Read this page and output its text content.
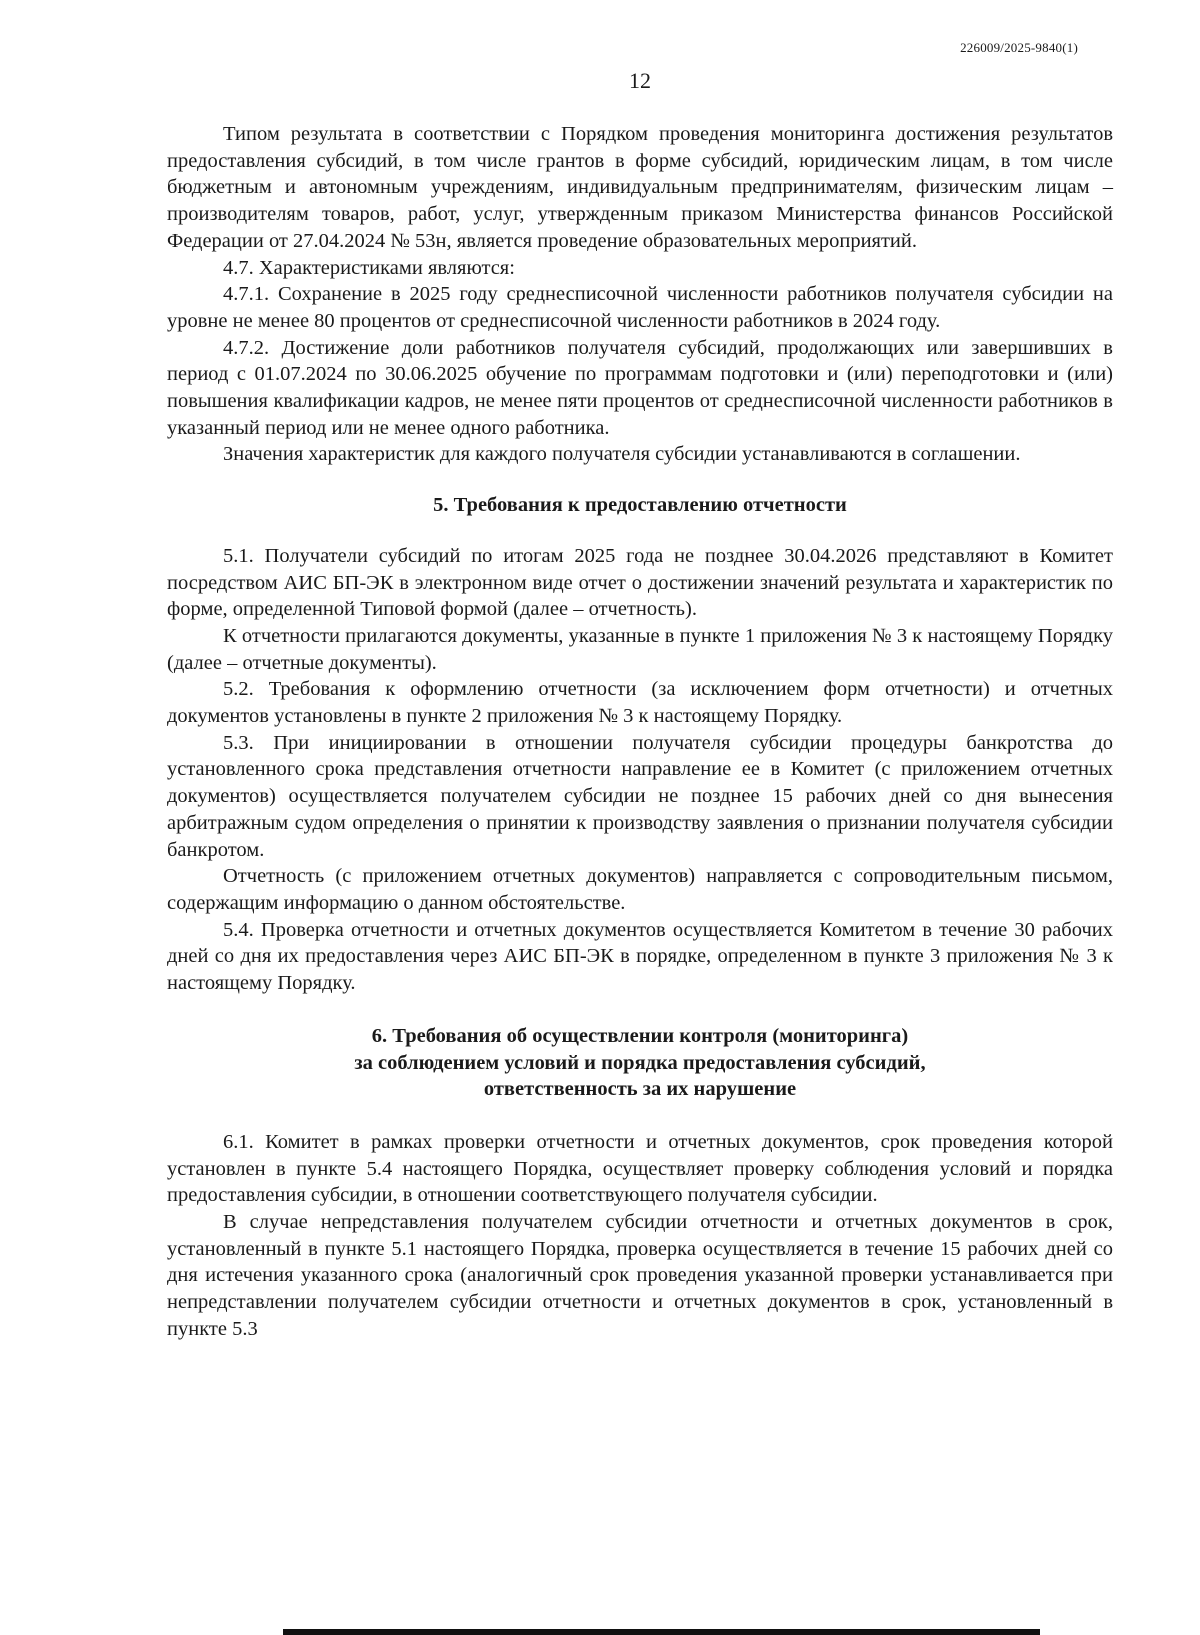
226009/2025-9840(1)
12

Типом результата в соответствии с Порядком проведения мониторинга достижения результатов предоставления субсидий, в том числе грантов в форме субсидий, юридическим лицам, в том числе бюджетным и автономным учреждениям, индивидуальным предпринимателям, физическим лицам – производителям товаров, работ, услуг, утвержденным приказом Министерства финансов Российской Федерации от 27.04.2024 № 53н, является проведение образовательных мероприятий.

4.7. Характеристиками являются:

4.7.1. Сохранение в 2025 году среднесписочной численности работников получателя субсидии на уровне не менее 80 процентов от среднесписочной численности работников в 2024 году.

4.7.2. Достижение доли работников получателя субсидий, продолжающих или завершивших в период с 01.07.2024 по 30.06.2025 обучение по программам подготовки и (или) переподготовки и (или) повышения квалификации кадров, не менее пяти процентов от среднесписочной численности работников в указанный период или не менее одного работника.

Значения характеристик для каждого получателя субсидии устанавливаются в соглашении.

5. Требования к предоставлению отчетности

5.1. Получатели субсидий по итогам 2025 года не позднее 30.04.2026 представляют в Комитет посредством АИС БП-ЭК в электронном виде отчет о достижении значений результата и характеристик по форме, определенной Типовой формой (далее – отчетность).

К отчетности прилагаются документы, указанные в пункте 1 приложения № 3 к настоящему Порядку (далее – отчетные документы).

5.2. Требования к оформлению отчетности (за исключением форм отчетности) и отчетных документов установлены в пункте 2 приложения № 3 к настоящему Порядку.

5.3. При инициировании в отношении получателя субсидии процедуры банкротства до установленного срока представления отчетности направление ее в Комитет (с приложением отчетных документов) осуществляется получателем субсидии не позднее 15 рабочих дней со дня вынесения арбитражным судом определения о принятии к производству заявления о признании получателя субсидии банкротом.

Отчетность (с приложением отчетных документов) направляется с сопроводительным письмом, содержащим информацию о данном обстоятельстве.

5.4. Проверка отчетности и отчетных документов осуществляется Комитетом в течение 30 рабочих дней со дня их предоставления через АИС БП-ЭК в порядке, определенном в пункте 3 приложения № 3 к настоящему Порядку.

6. Требования об осуществлении контроля (мониторинга)
за соблюдением условий и порядка предоставления субсидий,
ответственность за их нарушение

6.1. Комитет в рамках проверки отчетности и отчетных документов, срок проведения которой установлен в пункте 5.4 настоящего Порядка, осуществляет проверку соблюдения условий и порядка предоставления субсидии, в отношении соответствующего получателя субсидии.

В случае непредставления получателем субсидии отчетности и отчетных документов в срок, установленный в пункте 5.1 настоящего Порядка, проверка осуществляется в течение 15 рабочих дней со дня истечения указанного срока (аналогичный срок проведения указанной проверки устанавливается при непредставлении получателем субсидии отчетности и отчетных документов в срок, установленный в пункте 5.3
